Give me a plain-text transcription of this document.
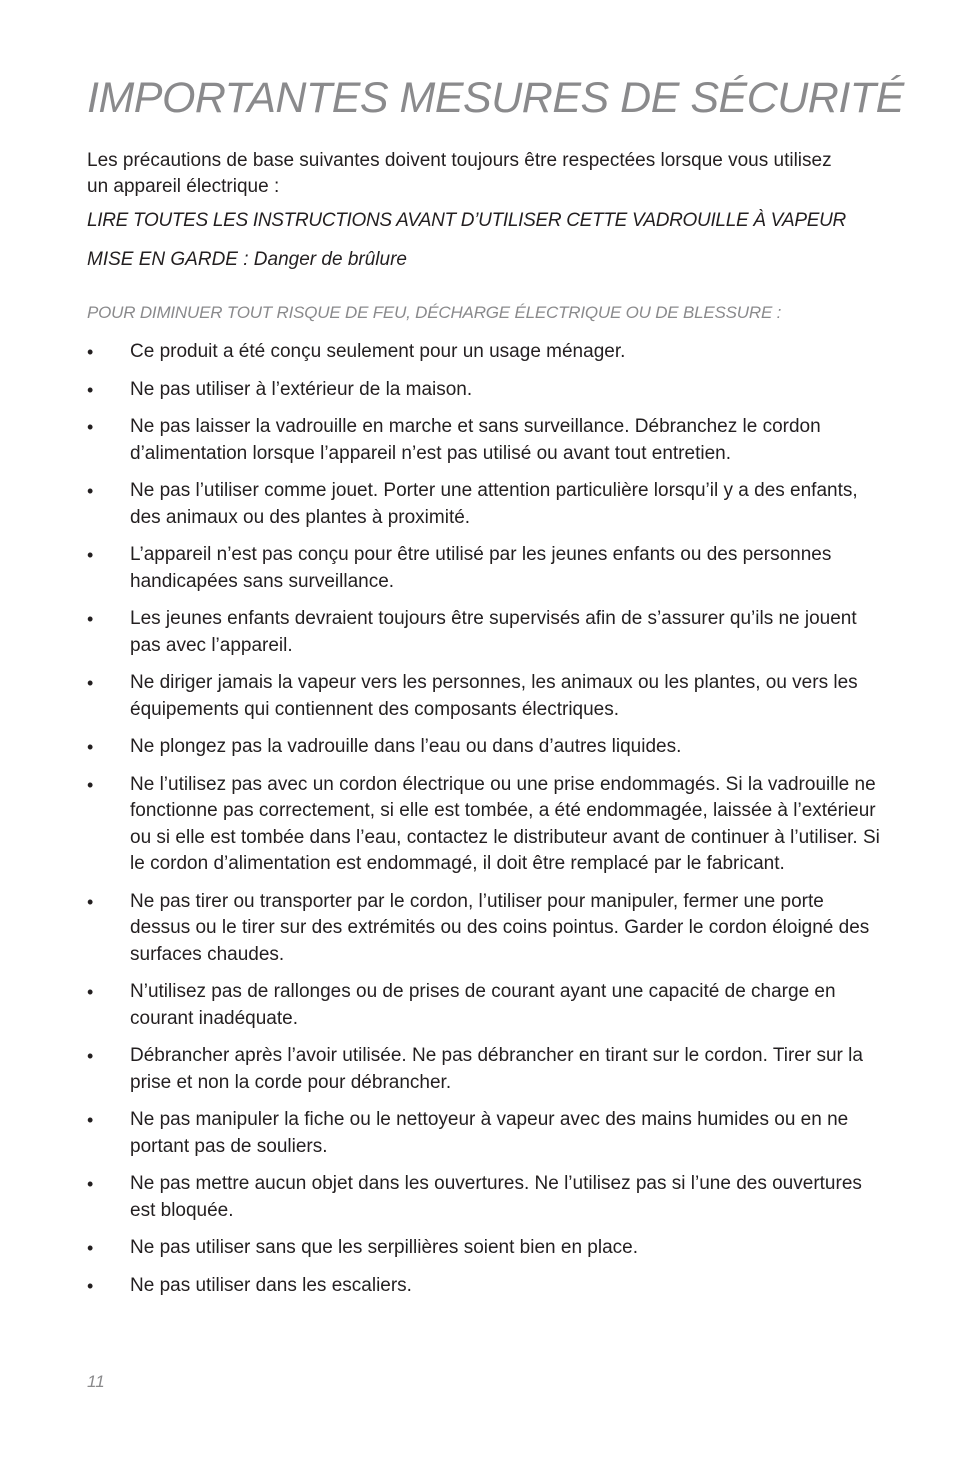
IMPORTANTES MESURES DE SÉCURITÉ

Les précautions de base suivantes doivent toujours être respectées lorsque vous utilisez un appareil électrique :

LIRE TOUTES LES INSTRUCTIONS AVANT D’UTILISER CETTE VADROUILLE À VAPEUR

MISE EN GARDE : Danger de brûlure

POUR DIMINUER TOUT RISQUE DE FEU, DÉCHARGE ÉLECTRIQUE OU DE BLESSURE :

• Ce produit a été conçu seulement pour un usage ménager.
• Ne pas utiliser à l’extérieur de la maison.
• Ne pas laisser la vadrouille en marche et sans surveillance. Débranchez le cordon d’alimentation lorsque l’appareil n’est pas utilisé ou avant tout entretien.
• Ne pas l’utiliser comme jouet. Porter une attention particulière lorsqu’il y a des enfants, des animaux ou des plantes à proximité.
• L’appareil n’est pas conçu pour être utilisé par les jeunes enfants ou des personnes handicapées sans surveillance.
• Les jeunes enfants devraient toujours être supervisés afin de s’assurer qu’ils ne jouent pas avec l’appareil.
• Ne diriger jamais la vapeur vers les personnes, les animaux ou les plantes, ou vers les équipements qui contiennent des composants électriques.
• Ne plongez pas la vadrouille dans l’eau ou dans d’autres liquides.
• Ne l’utilisez pas avec un cordon électrique ou une prise endommagés. Si la vadrouille ne fonctionne pas correctement, si elle est tombée, a été endommagée, laissée à l’extérieur ou si elle est tombée dans l’eau, contactez le distributeur avant de continuer à l’utiliser. Si le cordon d’alimentation est endommagé, il doit être remplacé par le fabricant.
• Ne pas tirer ou transporter par le cordon, l’utiliser pour manipuler, fermer une porte dessus ou le tirer sur des extrémités ou des coins pointus. Garder le cordon éloigné des surfaces chaudes.
• N’utilisez pas de rallonges ou de prises de courant ayant une capacité de charge en courant inadéquate.
• Débrancher après l’avoir utilisée. Ne pas débrancher en tirant sur le cordon. Tirer sur la prise et non la corde pour débrancher.
• Ne pas manipuler la fiche ou le nettoyeur à vapeur avec des mains humides ou en ne portant pas de souliers.
• Ne pas mettre aucun objet dans les ouvertures. Ne l’utilisez pas si l’une des ouvertures est bloquée.
• Ne pas utiliser sans que les serpillières soient bien en place.
• Ne pas utiliser dans les escaliers.

11
